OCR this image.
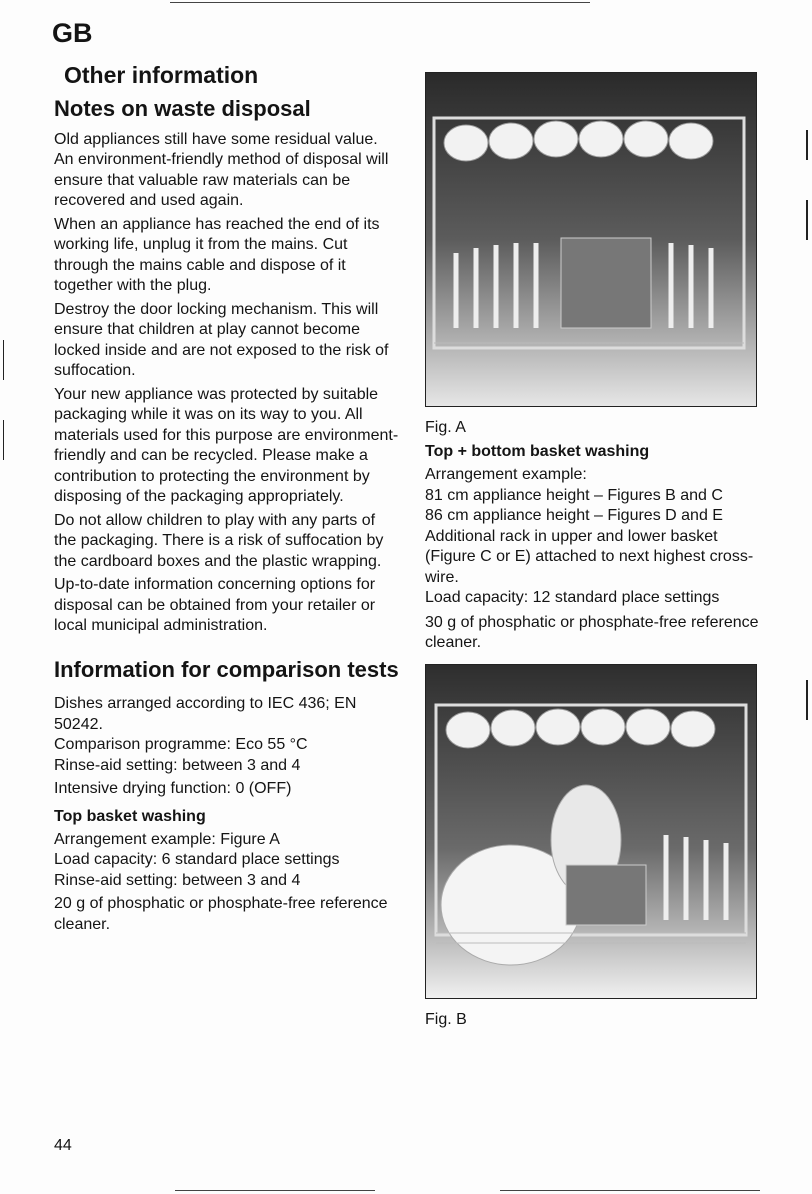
GB
Other information
Notes on waste disposal

Old appliances still have some residual value. An environment-friendly method of disposal will ensure that valuable raw materials can be recovered and used again.

When an appliance has reached the end of its working life, unplug it from the mains. Cut through the mains cable and dispose of it together with the plug.

Destroy the door locking mechanism. This will ensure that children at play cannot become locked inside and are not exposed to the risk of suffocation.

Your new appliance was protected by suitable packaging while it was on its way to you. All materials used for this purpose are environment-friendly and can be recycled. Please make a contribution to protecting the environment by disposing of the packaging appropriately.

Do not allow children to play with any parts of the packaging. There is a risk of suffocation by the cardboard boxes and the plastic wrapping.

Up-to-date information concerning options for disposal can be obtained from your retailer or local municipal administration.

Information for comparison tests

Dishes arranged according to IEC 436; EN 50242.

Comparison programme: Eco 55 °C

Rinse-aid setting: between 3 and 4

Intensive drying function: 0 (OFF)

Top basket washing

Arrangement example: Figure A

Load capacity: 6 standard place settings

Rinse-aid setting: between 3 and 4

20 g of phosphatic or phosphate-free reference cleaner.

Fig. A
Top + bottom basket washing

Arrangement example:

81 cm appliance height – Figures B and C

86 cm appliance height – Figures D and E

Additional rack in upper and lower basket (Figure C or E) attached to next highest cross-wire.

Load capacity: 12 standard place settings

30 g of phosphatic or phosphate-free reference cleaner.

Fig. B
44
